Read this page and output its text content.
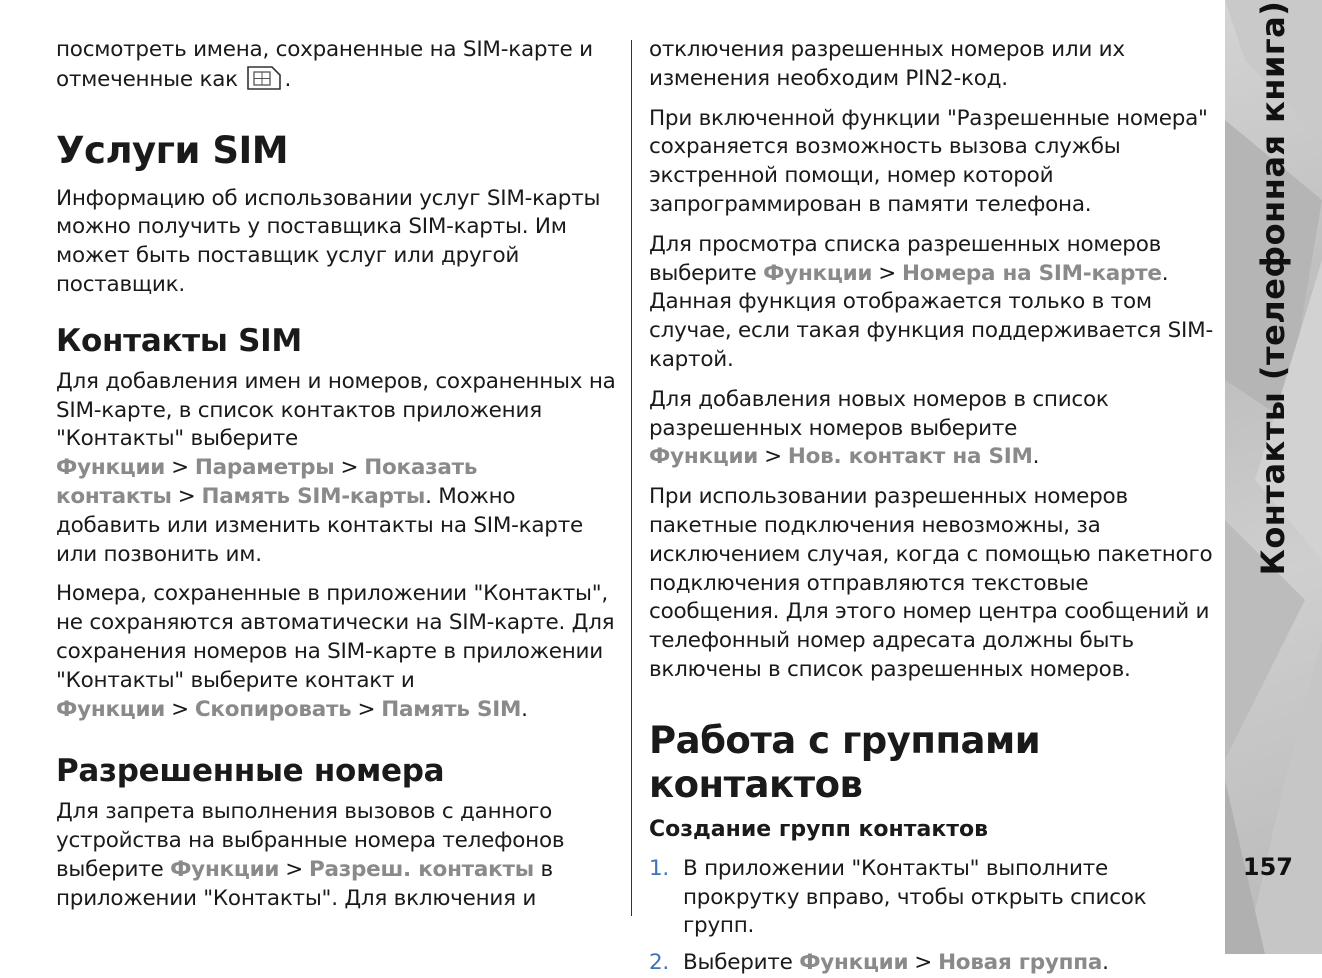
посмотреть имена, сохраненные на SIM-карте и отмеченные как .

Услуги SIM

Информацию об использовании услуг SIM-карты можно получить у поставщика SIM-карты. Им может быть поставщик услуг или другой поставщик.

Контакты SIM

Для добавления имен и номеров, сохраненных на SIM-карте, в список контактов приложения "Контакты" выберите Функции > Параметры > Показать контакты > Память SIM-карты. Можно добавить или изменить контакты на SIM-карте или позвонить им.

Номера, сохраненные в приложении "Контакты", не сохраняются автоматически на SIM-карте. Для сохранения номеров на SIM-карте в приложении "Контакты" выберите контакт и Функции > Скопировать > Память SIM.

Разрешенные номера

Для запрета выполнения вызовов с данного устройства на выбранные номера телефонов выберите Функции > Разреш. контакты в приложении "Контакты". Для включения и

отключения разрешенных номеров или их изменения необходим PIN2-код.

При включенной функции "Разрешенные номера" сохраняется возможность вызова службы экстренной помощи, номер которой запрограммирован в памяти телефона.

Для просмотра списка разрешенных номеров выберите Функции > Номера на SIM-карте. Данная функция отображается только в том случае, если такая функция поддерживается SIM-картой.

Для добавления новых номеров в список разрешенных номеров выберите Функции > Нов. контакт на SIM.

При использовании разрешенных номеров пакетные подключения невозможны, за исключением случая, когда с помощью пакетного подключения отправляются текстовые сообщения. Для этого номер центра сообщений и телефонный номер адресата должны быть включены в список разрешенных номеров.

Работа с группами контактов
Создание групп контактов
1. В приложении "Контакты" выполните прокрутку вправо, чтобы открыть список групп.
2. Выберите Функции > Новая группа.
Контакты (телефонная книга)
157
